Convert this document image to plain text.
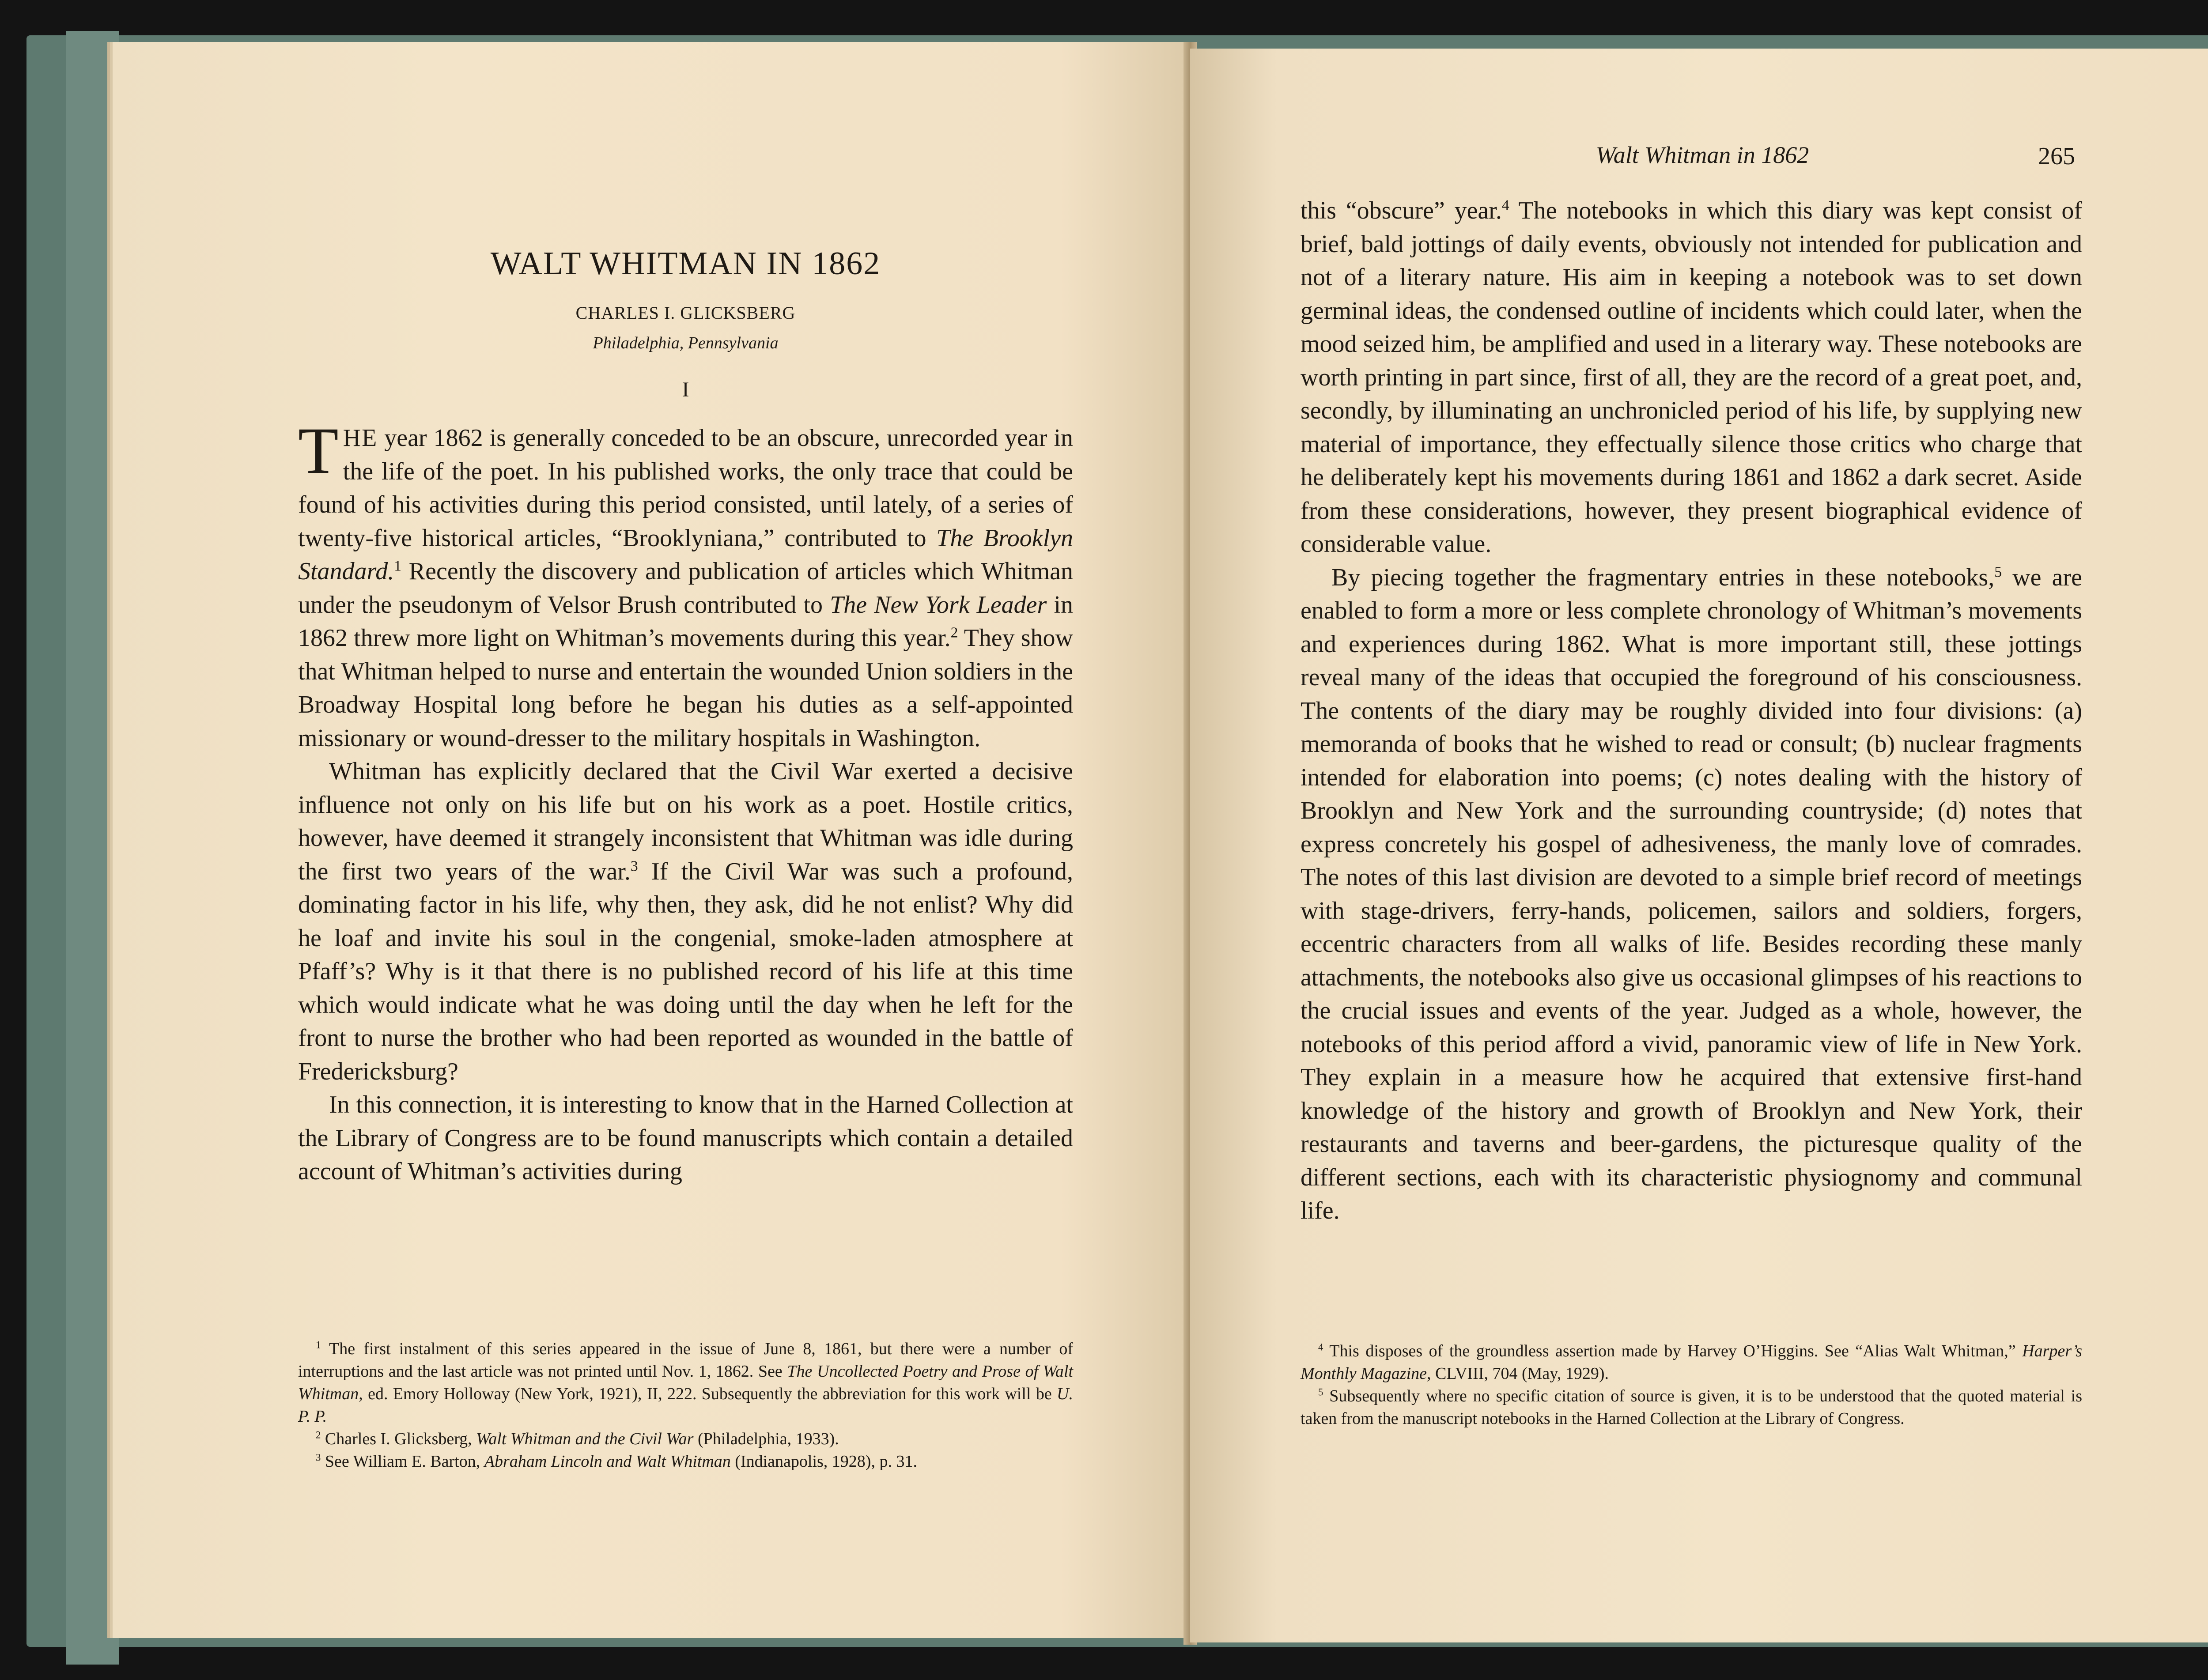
WALT WHITMAN IN 1862
CHARLES I. GLICKSBERG
Philadelphia, Pennsylvania
I

THE year 1862 is generally conceded to be an obscure, unrecorded year in the life of the poet. In his published works, the only trace that could be found of his activities during this period consisted, until lately, of a series of twenty-five historical articles, “Brooklyniana,” contributed to The Brooklyn Standard.$^1$ Recently the discovery and publication of articles which Whitman under the pseudonym of Velsor Brush contributed to The New York Leader in 1862 threw more light on Whitman’s movements during this year.$^2$ They show that Whitman helped to nurse and entertain the wounded Union soldiers in the Broadway Hospital long before he began his duties as a self-appointed missionary or wound-dresser to the military hospitals in Washington.

Whitman has explicitly declared that the Civil War exerted a decisive influence not only on his life but on his work as a poet. Hostile critics, however, have deemed it strangely inconsistent that Whitman was idle during the first two years of the war.$^3$ If the Civil War was such a profound, dominating factor in his life, why then, they ask, did he not enlist? Why did he loaf and invite his soul in the congenial, smoke-laden atmosphere at Pfaff’s? Why is it that there is no published record of his life at this time which would indicate what he was doing until the day when he left for the front to nurse the brother who had been reported as wounded in the battle of Fredericksburg?

In this connection, it is interesting to know that in the Harned Collection at the Library of Congress are to be found manuscripts which contain a detailed account of Whitman’s activities during

$^1$ The first instalment of this series appeared in the issue of June 8, 1861, but there were a number of interruptions and the last article was not printed until Nov. 1, 1862. See The Uncollected Poetry and Prose of Walt Whitman, ed. Emory Holloway (New York, 1921), II, 222. Subsequently the abbreviation for this work will be U. P. P.

$^2$ Charles I. Glicksberg, Walt Whitman and the Civil War (Philadelphia, 1933).

$^3$ See William E. Barton, Abraham Lincoln and Walt Whitman (Indianapolis, 1928), p. 31.

Walt Whitman in 1862	265

this “obscure” year.$^4$ The notebooks in which this diary was kept consist of brief, bald jottings of daily events, obviously not intended for publication and not of a literary nature. His aim in keeping a notebook was to set down germinal ideas, the condensed outline of incidents which could later, when the mood seized him, be amplified and used in a literary way. These notebooks are worth printing in part since, first of all, they are the record of a great poet, and, secondly, by illuminating an unchronicled period of his life, by supplying new material of importance, they effectually silence those critics who charge that he deliberately kept his movements during 1861 and 1862 a dark secret. Aside from these considerations, however, they present biographical evidence of considerable value.

By piecing together the fragmentary entries in these notebooks,$^5$ we are enabled to form a more or less complete chronology of Whitman’s movements and experiences during 1862. What is more important still, these jottings reveal many of the ideas that occupied the foreground of his consciousness. The contents of the diary may be roughly divided into four divisions: (a) memoranda of books that he wished to read or consult; (b) nuclear fragments intended for elaboration into poems; (c) notes dealing with the history of Brooklyn and New York and the surrounding countryside; (d) notes that express concretely his gospel of adhesiveness, the manly love of comrades. The notes of this last division are devoted to a simple brief record of meetings with stage-drivers, ferry-hands, policemen, sailors and soldiers, forgers, eccentric characters from all walks of life. Besides recording these manly attachments, the notebooks also give us occasional glimpses of his reactions to the crucial issues and events of the year. Judged as a whole, however, the notebooks of this period afford a vivid, panoramic view of life in New York. They explain in a measure how he acquired that extensive first-hand knowledge of the history and growth of Brooklyn and New York, their restaurants and taverns and beer-gardens, the picturesque quality of the different sections, each with its characteristic physiognomy and communal life.

$^4$ This disposes of the groundless assertion made by Harvey O’Higgins. See “Alias Walt Whitman,” Harper’s Monthly Magazine, CLVIII, 704 (May, 1929).

$^5$ Subsequently where no specific citation of source is given, it is to be understood that the quoted material is taken from the manuscript notebooks in the Harned Collection at the Library of Congress.
